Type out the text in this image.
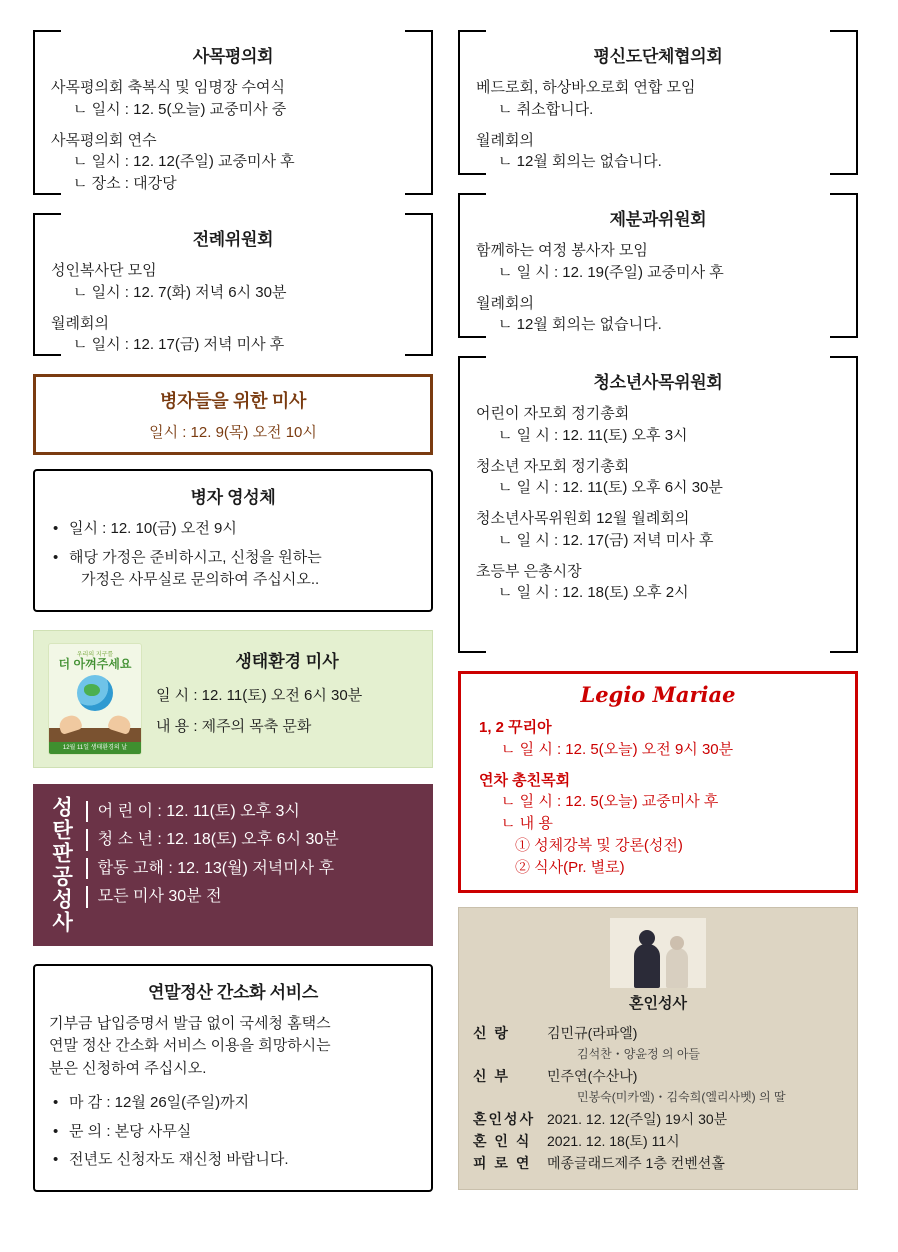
사목평의회
사목평의회 축복식 및 임명장 수여식
ㄴ 일시 : 12. 5(오늘) 교중미사 중
사목평의회 연수
ㄴ 일시 : 12. 12(주일) 교중미사 후
ㄴ 장소 : 대강당
전례위원회
성인복사단 모임
ㄴ 일시 : 12. 7(화) 저녁 6시 30분
월례회의
ㄴ 일시 : 12. 17(금) 저녁 미사 후
병자들을 위한 미사
일시 : 12. 9(목) 오전 10시
병자 영성체
• 일시 : 12. 10(금) 오전 9시
• 해당 가정은 준비하시고, 신청을 원하는
가정은 사무실로 문의하여 주십시오..
우리의 지구를
더 아껴주세요
12월 11일 생태환경의 날
생태환경 미사
일 시 : 12. 11(토) 오전 6시 30분
내 용 : 제주의 목축 문화
성탄판공성사	어 린 이 : 12. 11(토) 오후 3시
청 소 년 : 12. 18(토) 오후 6시 30분
합동 고해 : 12. 13(월) 저녁미사 후
모든 미사 30분 전
연말정산 간소화 서비스
기부금 납입증명서 발급 없이 국세청 홈택스
연말 정산 간소화 서비스 이용을 희망하시는
분은 신청하여 주십시오.
• 마 감 : 12월 26일(주일)까지
• 문 의 : 본당 사무실
• 전년도 신청자도 재신청 바랍니다.
평신도단체협의회
베드로회, 하상바오로회 연합 모임
ㄴ 취소합니다.
월례회의
ㄴ 12월 회의는 없습니다.
제분과위원회
함께하는 여정 봉사자 모임
ㄴ 일 시 : 12. 19(주일) 교중미사 후
월례회의
ㄴ 12월 회의는 없습니다.
청소년사목위원회
어린이 자모회 정기총회
ㄴ 일 시 : 12. 11(토) 오후 3시
청소년 자모회 정기총회
ㄴ 일 시 : 12. 11(토) 오후 6시 30분
청소년사목위원회 12월 월례회의
ㄴ 일 시 : 12. 17(금) 저녁 미사 후
초등부 은총시장
ㄴ 일 시 : 12. 18(토) 오후 2시
Legio Mariae
1, 2 꾸리아
ㄴ 일 시 : 12. 5(오늘) 오전 9시 30분
연차 총친목회
ㄴ 일 시 : 12. 5(오늘) 교중미사 후
ㄴ 내 용
① 성체강복 및 강론(성전)
② 식사(Pr. 별로)
혼인성사
신 랑	김민규(라파엘)
김석찬・양윤정 의 아들
신 부	민주연(수산나)
민봉숙(미카엘)・김숙희(엘리사벳) 의 딸
혼인성사 2021. 12. 12(주일) 19시 30분
혼 인 식	2021. 12. 18(토) 11시
피 로 연	메종글래드제주 1층 컨벤션홀
